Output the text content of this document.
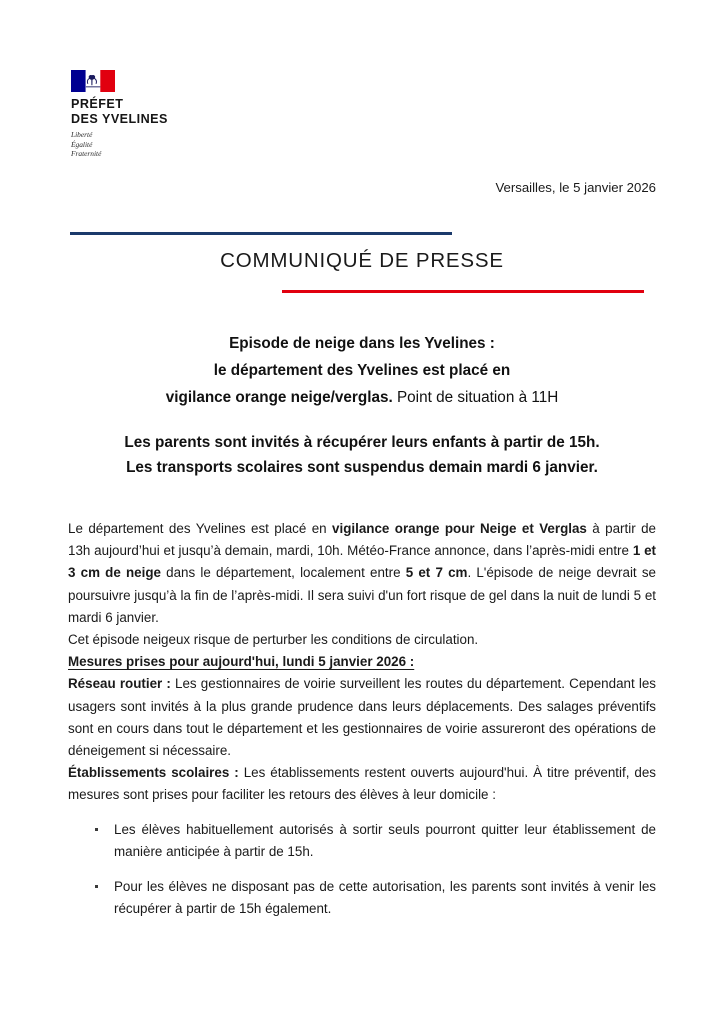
PRÉFET
DES YVELINES
Liberté
Égalité
Fraternité
Versailles, le 5 janvier 2026
COMMUNIQUÉ DE PRESSE
Episode de neige dans les Yvelines :
le département des Yvelines est placé en
vigilance orange neige/verglas. Point de situation à 11H
Les parents sont invités à récupérer leurs enfants à partir de 15h.
Les transports scolaires sont suspendus demain mardi 6 janvier.

Le département des Yvelines est placé en vigilance orange pour Neige et Verglas à partir de 13h aujourd’hui et jusqu’à demain, mardi, 10h. Météo-France annonce, dans l’après-midi entre 1 et 3 cm de neige dans le département, localement entre 5 et 7 cm. L'épisode de neige devrait se poursuivre jusqu’à la fin de l’après-midi. Il sera suivi d'un fort risque de gel dans la nuit de lundi 5 et mardi 6 janvier.

Cet épisode neigeux risque de perturber les conditions de circulation.

Mesures prises pour aujourd'hui, lundi 5 janvier 2026 :

Réseau routier : Les gestionnaires de voirie surveillent les routes du département. Cependant les usagers sont invités à la plus grande prudence dans leurs déplacements. Des salages préventifs sont en cours dans tout le département et les gestionnaires de voirie assureront des opérations de déneigement si nécessaire.

Établissements scolaires : Les établissements restent ouverts aujourd'hui. À titre préventif, des mesures sont prises pour faciliter les retours des élèves à leur domicile :

Les élèves habituellement autorisés à sortir seuls pourront quitter leur établissement de manière anticipée à partir de 15h.
Pour les élèves ne disposant pas de cette autorisation, les parents sont invités à venir les récupérer à partir de 15h également.
